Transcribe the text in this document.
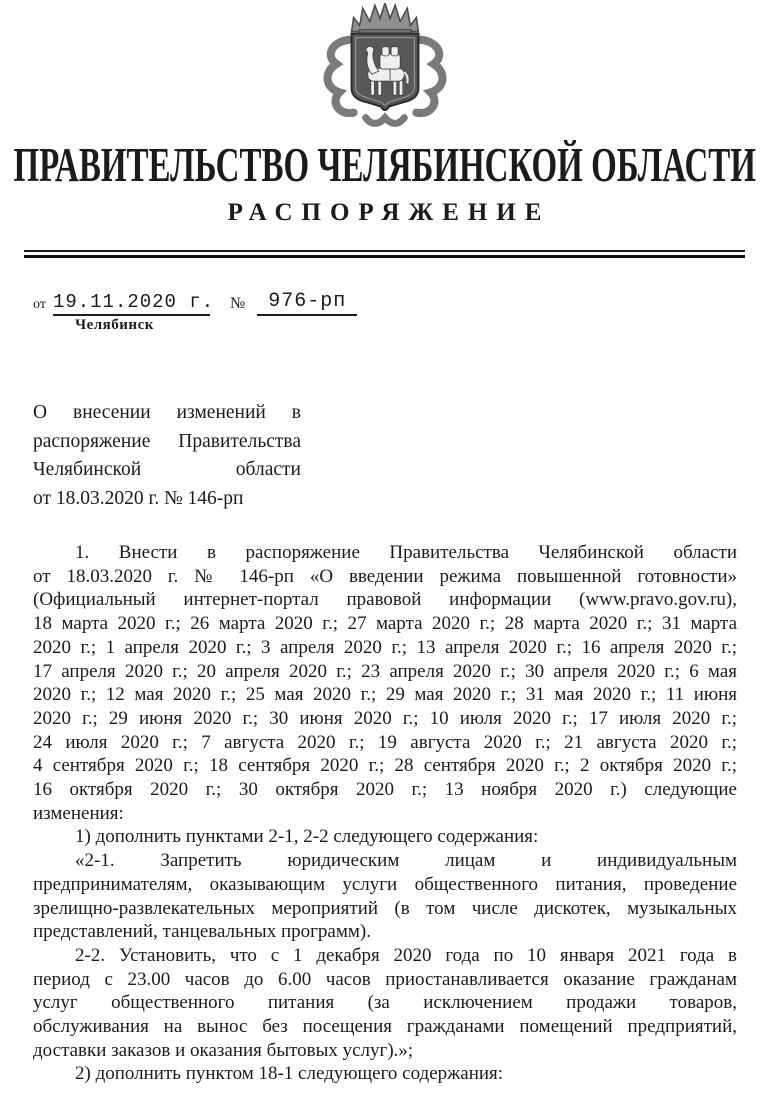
ПРАВИТЕЛЬСТВО ЧЕЛЯБИНСКОЙ ОБЛАСТИ
РАСПОРЯЖЕНИЕ
от 19.11.2020 г. № 976-рп
Челябинск
О внесении изменений в
распоряжение Правительства
Челябинской области
от 18.03.2020 г. № 146-рп
1. Внести в распоряжение Правительства Челябинской области
от 18.03.2020 г. № 146-рп «О введении режима повышенной готовности»
(Официальный интернет-портал правовой информации (www.pravo.gov.ru),
18 марта 2020 г.; 26 марта 2020 г.; 27 марта 2020 г.; 28 марта 2020 г.; 31 марта
2020 г.; 1 апреля 2020 г.; 3 апреля 2020 г.; 13 апреля 2020 г.; 16 апреля 2020 г.;
17 апреля 2020 г.; 20 апреля 2020 г.; 23 апреля 2020 г.; 30 апреля 2020 г.; 6 мая
2020 г.; 12 мая 2020 г.; 25 мая 2020 г.; 29 мая 2020 г.; 31 мая 2020 г.; 11 июня
2020 г.; 29 июня 2020 г.; 30 июня 2020 г.; 10 июля 2020 г.; 17 июля 2020 г.;
24 июля 2020 г.; 7 августа 2020 г.; 19 августа 2020 г.; 21 августа 2020 г.;
4 сентября 2020 г.; 18 сентября 2020 г.; 28 сентября 2020 г.; 2 октября 2020 г.;
16 октября 2020 г.; 30 октября 2020 г.; 13 ноября 2020 г.) следующие
изменения:
1) дополнить пунктами 2-1, 2-2 следующего содержания:
«2-1. Запретить юридическим лицам и индивидуальным
предпринимателям, оказывающим услуги общественного питания, проведение
зрелищно-развлекательных мероприятий (в том числе дискотек, музыкальных
представлений, танцевальных программ).
2-2. Установить, что с 1 декабря 2020 года по 10 января 2021 года в
период с 23.00 часов до 6.00 часов приостанавливается оказание гражданам
услуг общественного питания (за исключением продажи товаров,
обслуживания на вынос без посещения гражданами помещений предприятий,
доставки заказов и оказания бытовых услуг).»;
2) дополнить пунктом 18-1 следующего содержания:
